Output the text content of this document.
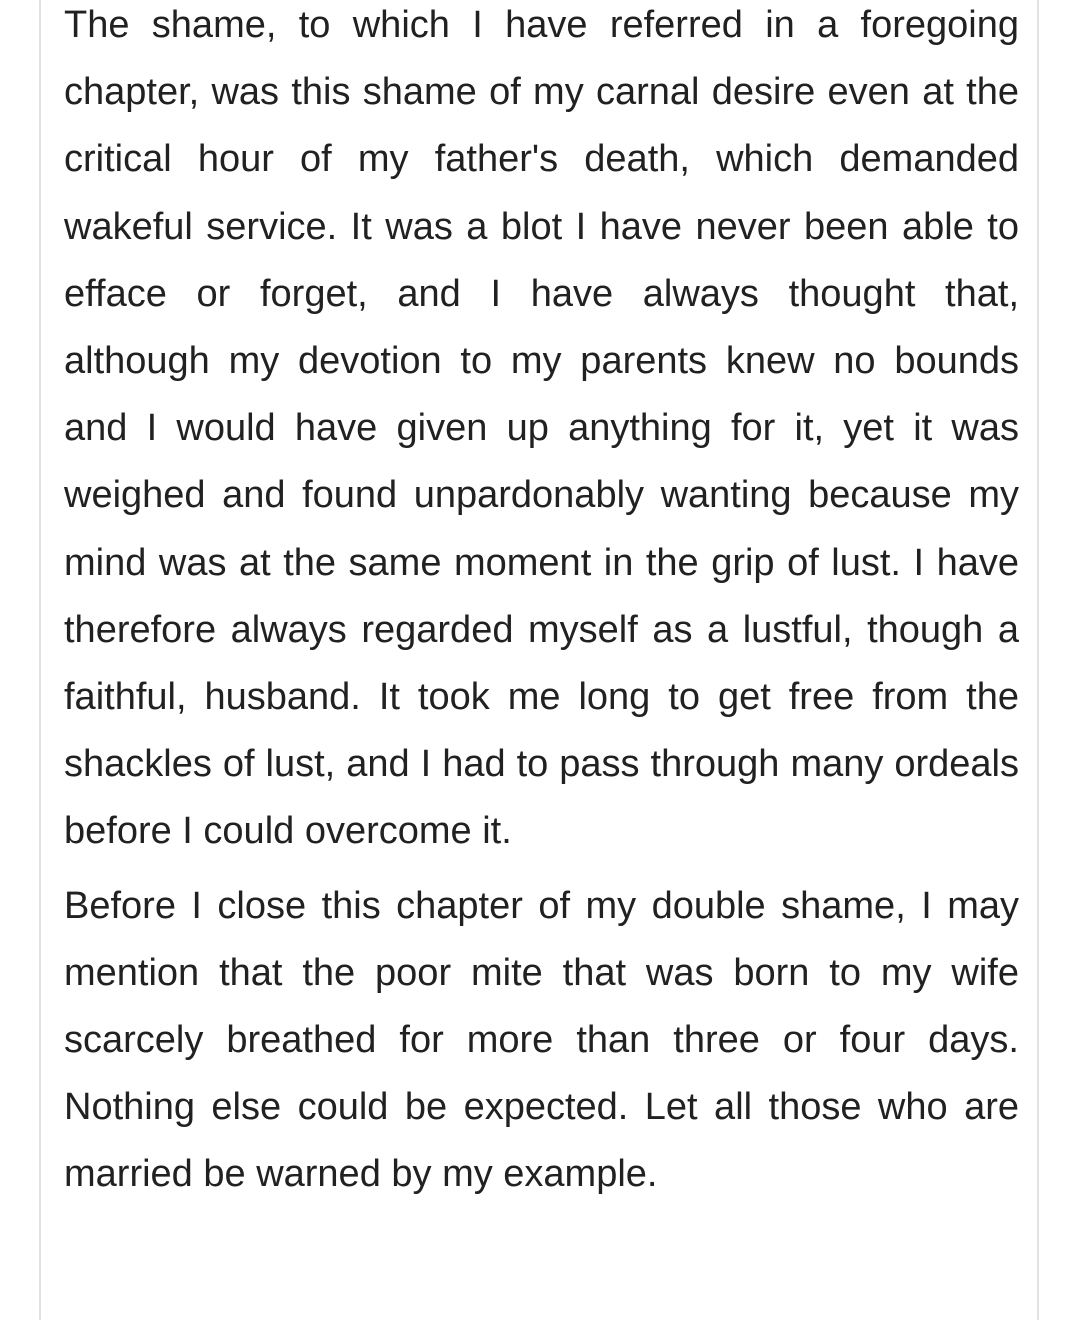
The shame, to which I have referred in a foregoing chapter, was this shame of my carnal desire even at the critical hour of my father's death, which demanded wakeful service. It was a blot I have never been able to efface or forget, and I have always thought that, although my devotion to my parents knew no bounds and I would have given up anything for it, yet it was weighed and found unpardonably wanting because my mind was at the same moment in the grip of lust. I have therefore always regarded myself as a lustful, though a faithful, husband. It took me long to get free from the shackles of lust, and I had to pass through many ordeals before I could overcome it.

Before I close this chapter of my double shame, I may mention that the poor mite that was born to my wife scarcely breathed for more than three or four days. Nothing else could be expected. Let all those who are married be warned by my example.
